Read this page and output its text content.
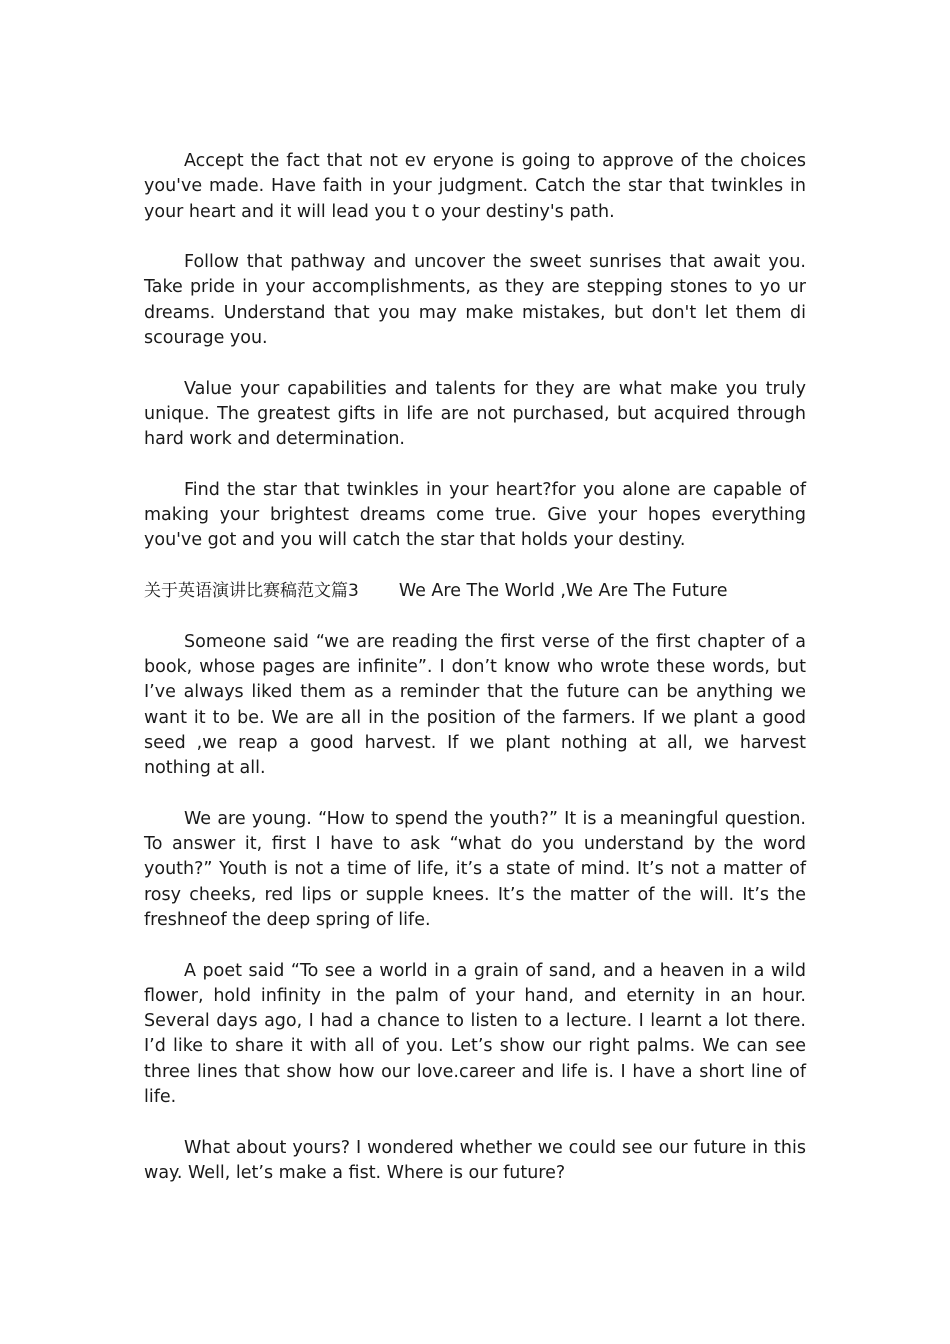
Accept the fact that not ev eryone is going to approve of the choices you've made. Have faith in your judgment. Catch the star that twinkles in your heart and it will lead you t o your destiny's path.

Follow that pathway and uncover the sweet sunrises that await you. Take pride in your accomplishments, as they are stepping stones to yo ur dreams. Understand that you may make mistakes, but don't let them di scourage you.

Value your capabilities and talents for they are what make you truly unique. The greatest gifts in life are not purchased, but acquired through hard work and determination.

Find the star that twinkles in your heart?for you alone are capable of making your brightest dreams come true. Give your hopes everything you've got and you will catch the star that holds your destiny.

关于英语演讲比赛稿范文篇3 We Are The World ,We Are The Future

Someone said “we are reading the first verse of the first chapter of a book, whose pages are infinite”. I don’t know who wrote these words, but I’ve always liked them as a reminder that the future can be anything we want it to be. We are all in the position of the farmers. If we plant a good seed ,we reap a good harvest. If we plant nothing at all, we harvest nothing at all.

We are young. “How to spend the youth?” It is a meaningful question. To answer it, first I have to ask “what do you understand by the word youth?” Youth is not a time of life, it’s a state of mind. It’s not a matter of rosy cheeks, red lips or supple knees. It’s the matter of the will. It’s the freshneof the deep spring of life.

A poet said “To see a world in a grain of sand, and a heaven in a wild flower, hold infinity in the palm of your hand, and eternity in an hour. Several days ago, I had a chance to listen to a lecture. I learnt a lot there. I’d like to share it with all of you. Let’s show our right palms. We can see three lines that show how our love.career and life is. I have a short line of life.

What about yours? I wondered whether we could see our future in this way. Well, let’s make a fist. Where is our future?
